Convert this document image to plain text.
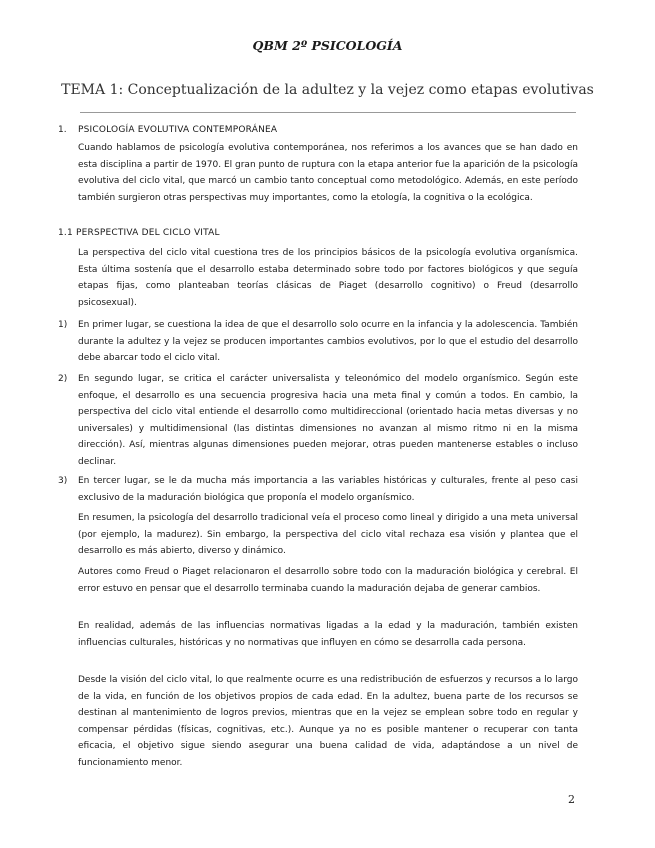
QBM 2º PSICOLOGÍA
TEMA 1: Conceptualización de la adultez y la vejez como etapas evolutivas
1. PSICOLOGÍA EVOLUTIVA CONTEMPORÁNEA

Cuando hablamos de psicología evolutiva contemporánea, nos referimos a los avances que se han dado en esta disciplina a partir de 1970. El gran punto de ruptura con la etapa anterior fue la aparición de la psicología evolutiva del ciclo vital, que marcó un cambio tanto conceptual como metodológico. Además, en este período también surgieron otras perspectivas muy importantes, como la etología, la cognitiva o la ecológica.

1.1 PERSPECTIVA DEL CICLO VITAL

La perspectiva del ciclo vital cuestiona tres de los principios básicos de la psicología evolutiva organísmica. Esta última sostenía que el desarrollo estaba determinado sobre todo por factores biológicos y que seguía etapas fijas, como planteaban teorías clásicas de Piaget (desarrollo cognitivo) o Freud (desarrollo psicosexual).

1) En primer lugar, se cuestiona la idea de que el desarrollo solo ocurre en la infancia y la adolescencia. También durante la adultez y la vejez se producen importantes cambios evolutivos, por lo que el estudio del desarrollo debe abarcar todo el ciclo vital.

2) En segundo lugar, se critica el carácter universalista y teleonómico del modelo organísmico. Según este enfoque, el desarrollo es una secuencia progresiva hacia una meta final y común a todos. En cambio, la perspectiva del ciclo vital entiende el desarrollo como multidireccional (orientado hacia metas diversas y no universales) y multidimensional (las distintas dimensiones no avanzan al mismo ritmo ni en la misma dirección). Así, mientras algunas dimensiones pueden mejorar, otras pueden mantenerse estables o incluso declinar.

3) En tercer lugar, se le da mucha más importancia a las variables históricas y culturales, frente al peso casi exclusivo de la maduración biológica que proponía el modelo organísmico.

En resumen, la psicología del desarrollo tradicional veía el proceso como lineal y dirigido a una meta universal (por ejemplo, la madurez). Sin embargo, la perspectiva del ciclo vital rechaza esa visión y plantea que el desarrollo es más abierto, diverso y dinámico.

Autores como Freud o Piaget relacionaron el desarrollo sobre todo con la maduración biológica y cerebral. El error estuvo en pensar que el desarrollo terminaba cuando la maduración dejaba de generar cambios.

En realidad, además de las influencias normativas ligadas a la edad y la maduración, también existen influencias culturales, históricas y no normativas que influyen en cómo se desarrolla cada persona.

Desde la visión del ciclo vital, lo que realmente ocurre es una redistribución de esfuerzos y recursos a lo largo de la vida, en función de los objetivos propios de cada edad. En la adultez, buena parte de los recursos se destinan al mantenimiento de logros previos, mientras que en la vejez se emplean sobre todo en regular y compensar pérdidas (físicas, cognitivas, etc.). Aunque ya no es posible mantener o recuperar con tanta eficacia, el objetivo sigue siendo asegurar una buena calidad de vida, adaptándose a un nivel de funcionamiento menor.

2
